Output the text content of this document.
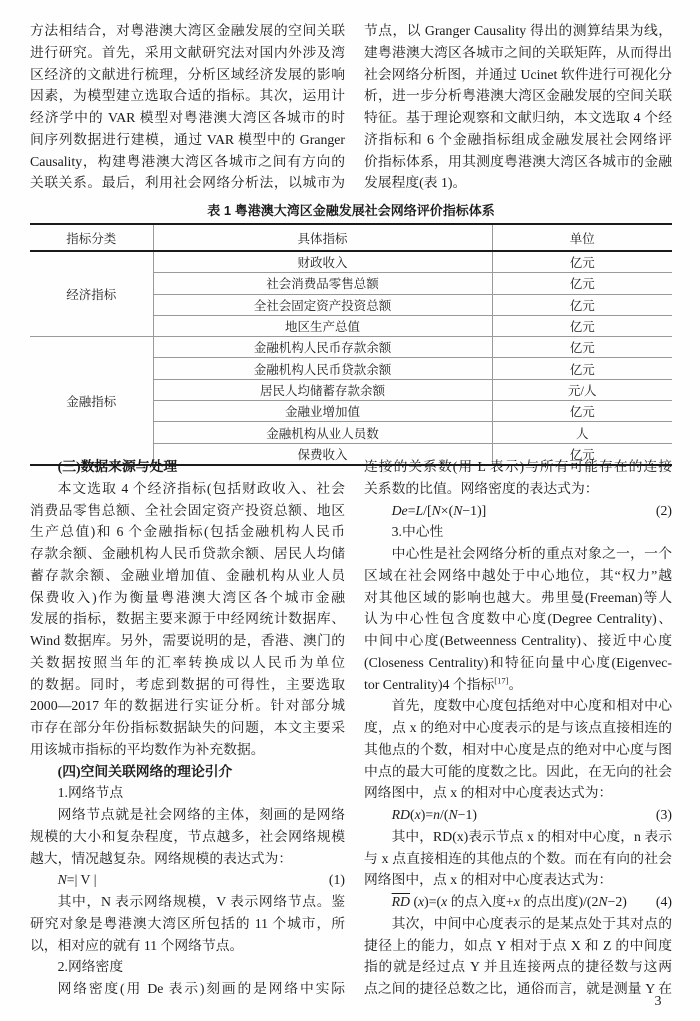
方法相结合，对粤港澳大湾区金融发展的空间关联
进行研究。首先，采用文献研究法对国内外涉及湾
区经济的文献进行梳理，分析区域经济发展的影响
因素，为模型建立选取合适的指标。其次，运用计
经济学中的 VAR 模型对粤港澳大湾区各城市的时
间序列数据进行建模，通过 VAR 模型中的 Granger
Causality，构建粤港澳大湾区各城市之间有方向的
关联关系。最后，利用社会网络分析法，以城市为
节点，以 Granger Causality 得出的测算结果为线，
建粤港澳大湾区各城市之间的关联矩阵，从而得出
社会网络分析图，并通过 Ucinet 软件进行可视化分
析，进一步分析粤港澳大湾区金融发展的空间关联
特征。基于理论观察和文献归纳，本文选取 4 个经
济指标和 6 个金融指标组成金融发展社会网络评
价指标体系，用其测度粤港澳大湾区各城市的金融
发展程度(表 1)。
表 1 粤港澳大湾区金融发展社会网络评价指标体系
指标分类	具体指标	单位
经济指标	财政收入	亿元
	社会消费品零售总额	亿元
	全社会固定资产投资总额	亿元
	地区生产总值	亿元
金融指标	金融机构人民币存款余额	亿元
	金融机构人民币贷款余额	亿元
	居民人均储蓄存款余额	元/人
	金融业增加值	亿元
	金融机构从业人员数	人
	保费收入	亿元
(三)数据来源与处理
本文选取 4 个经济指标(包括财政收入、社会
消费品零售总额、全社会固定资产投资总额、地区
生产总值)和 6 个金融指标(包括金融机构人民币
存款余额、金融机构人民币贷款余额、居民人均储
蓄存款余额、金融业增加值、金融机构从业人员
保费收入)作为衡量粤港澳大湾区各个城市金融
发展的指标，数据主要来源于中经网统计数据库、
Wind 数据库。另外，需要说明的是，香港、澳门的
关数据按照当年的汇率转换成以人民币为单位
的数据。同时，考虑到数据的可得性，主要选取
2000—2017 年的数据进行实证分析。针对部分城
市存在部分年份指标数据缺失的问题，本文主要采
用该城市指标的平均数作为补充数据。
(四)空间关联网络的理论引介
1.网络节点
网络节点就是社会网络的主体，刻画的是网络
规模的大小和复杂程度，节点越多，社会网络规模
越大，情况越复杂。网络规模的表达式为：
N=| V |	(1)
其中，N 表示网络规模，V 表示网络节点。鉴
研究对象是粤港澳大湾区所包括的 11 个城市，所
以，相对应的就有 11 个网络节点。
2.网络密度
网络密度(用 De 表示)刻画的是网络中实际
连接的关系数(用 L 表示)与所有可能存在的连接
关系数的比值。网络密度的表达式为：
De=L/[N×(N−1)]	(2)
3.中心性
中心性是社会网络分析的重点对象之一，一个
区域在社会网络中越处于中心地位，其“权力”越
对其他区域的影响也越大。弗里曼(Freeman)等人
认为中心性包含度数中心度(Degree Centrality)、
中间中心度(Betweenness Centrality)、接近中心度
(Closeness Centrality)和特征向量中心度(Eigenvec-
tor Centrality)4 个指标[17]。
首先，度数中心度包括绝对中心度和相对中心
度，点 x 的绝对中心度表示的是与该点直接相连的
其他点的个数，相对中心度是点的绝对中心度与图
中点的最大可能的度数之比。因此，在无向的社会
网络图中，点 x 的相对中心度表达式为：
RD(x)=n/(N−1)	(3)
其中，RD(x)表示节点 x 的相对中心度，n 表示
与 x 点直接相连的其他点的个数。而在有向的社会
网络图中，点 x 的相对中心度表达式为：
$\overline{RD}$ (x)=(x 的点入度+x 的点出度)/(2N−2) (4)
其次，中间中心度表示的是某点处于其对点的
捷径上的能力，如点 Y 相对于点 X 和 Z 的中间度
指的就是经过点 Y 并且连接两点的捷径数与这两
点之间的捷径总数之比，通俗而言，就是测量 Y 在
3
